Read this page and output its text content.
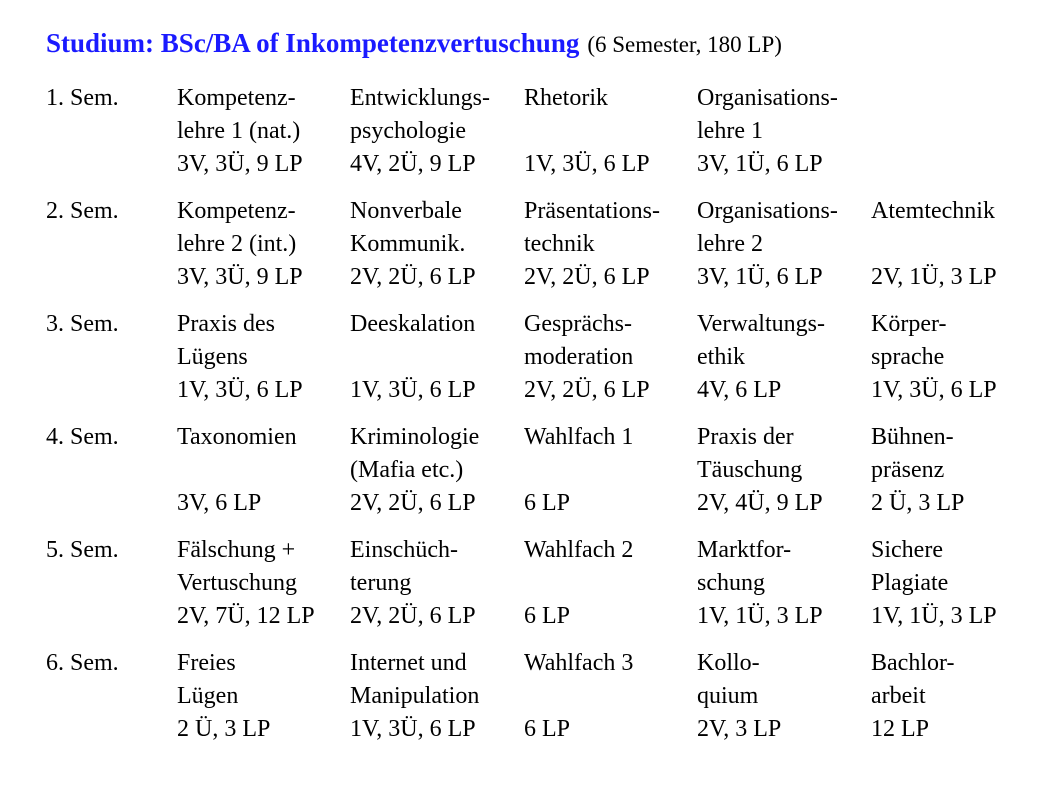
Studium: BSc/BA of Inkompetenzvertuschung (6 Semester, 180 LP)
1. Sem. Kompetenz-
lehre 1 (nat.)
3V, 3Ü, 9 LP
Entwicklungs-
psychologie
4V, 2Ü, 9 LP
Rhetorik
1V, 3Ü, 6 LP
Organisations-
lehre 1
3V, 1Ü, 6 LP
2. Sem. Kompetenz-
lehre 2 (int.)
3V, 3Ü, 9 LP
Nonverbale
Kommunik.
2V, 2Ü, 6 LP
Präsentations-
technik
2V, 2Ü, 6 LP
Organisations-
lehre 2
3V, 1Ü, 6 LP
Atemtechnik
2V, 1Ü, 3 LP
3. Sem. Praxis des
Lügens
1V, 3Ü, 6 LP
Deeskalation
1V, 3Ü, 6 LP
Gesprächs-
moderation
2V, 2Ü, 6 LP
Verwaltungs-
ethik
4V, 6 LP
Körper-
sprache
1V, 3Ü, 6 LP
4. Sem. Taxonomien
3V, 6 LP
Kriminologie
(Mafia etc.)
2V, 2Ü, 6 LP
Wahlfach 1
6 LP
Praxis der
Täuschung
2V, 4Ü, 9 LP
Bühnen-
präsenz
2 Ü, 3 LP
5. Sem. Fälschung +
Vertuschung
2V, 7Ü, 12 LP
Einschüch-
terung
2V, 2Ü, 6 LP
Wahlfach 2
6 LP
Marktfor-
schung
1V, 1Ü, 3 LP
Sichere
Plagiate
1V, 1Ü, 3 LP
6. Sem. Freies
Lügen
2 Ü, 3 LP
Internet und
Manipulation
1V, 3Ü, 6 LP
Wahlfach 3
6 LP
Kollo-
quium
2V, 3 LP
Bachlor-
arbeit
12 LP
